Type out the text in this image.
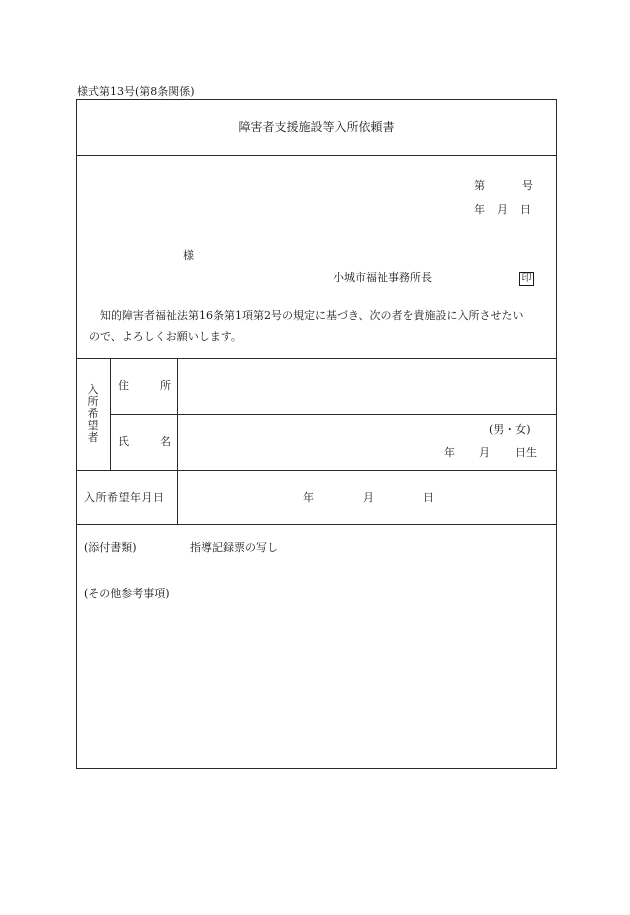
様式第13号(第8条関係)
障害者支援施設等入所依頼書
第	号
年 月 日
様
小城市福祉事務所長	印
知的障害者福祉法第16条第1項第2号の規定に基づき、次の者を貴施設に入所させたい
ので、よろしくお願いします。
入所希望者
住	所
氏	名
(男・女)
年 月 日生
入所希望年月日	年	月	日
(添付書類)	指導記録票の写し
(その他参考事項)
